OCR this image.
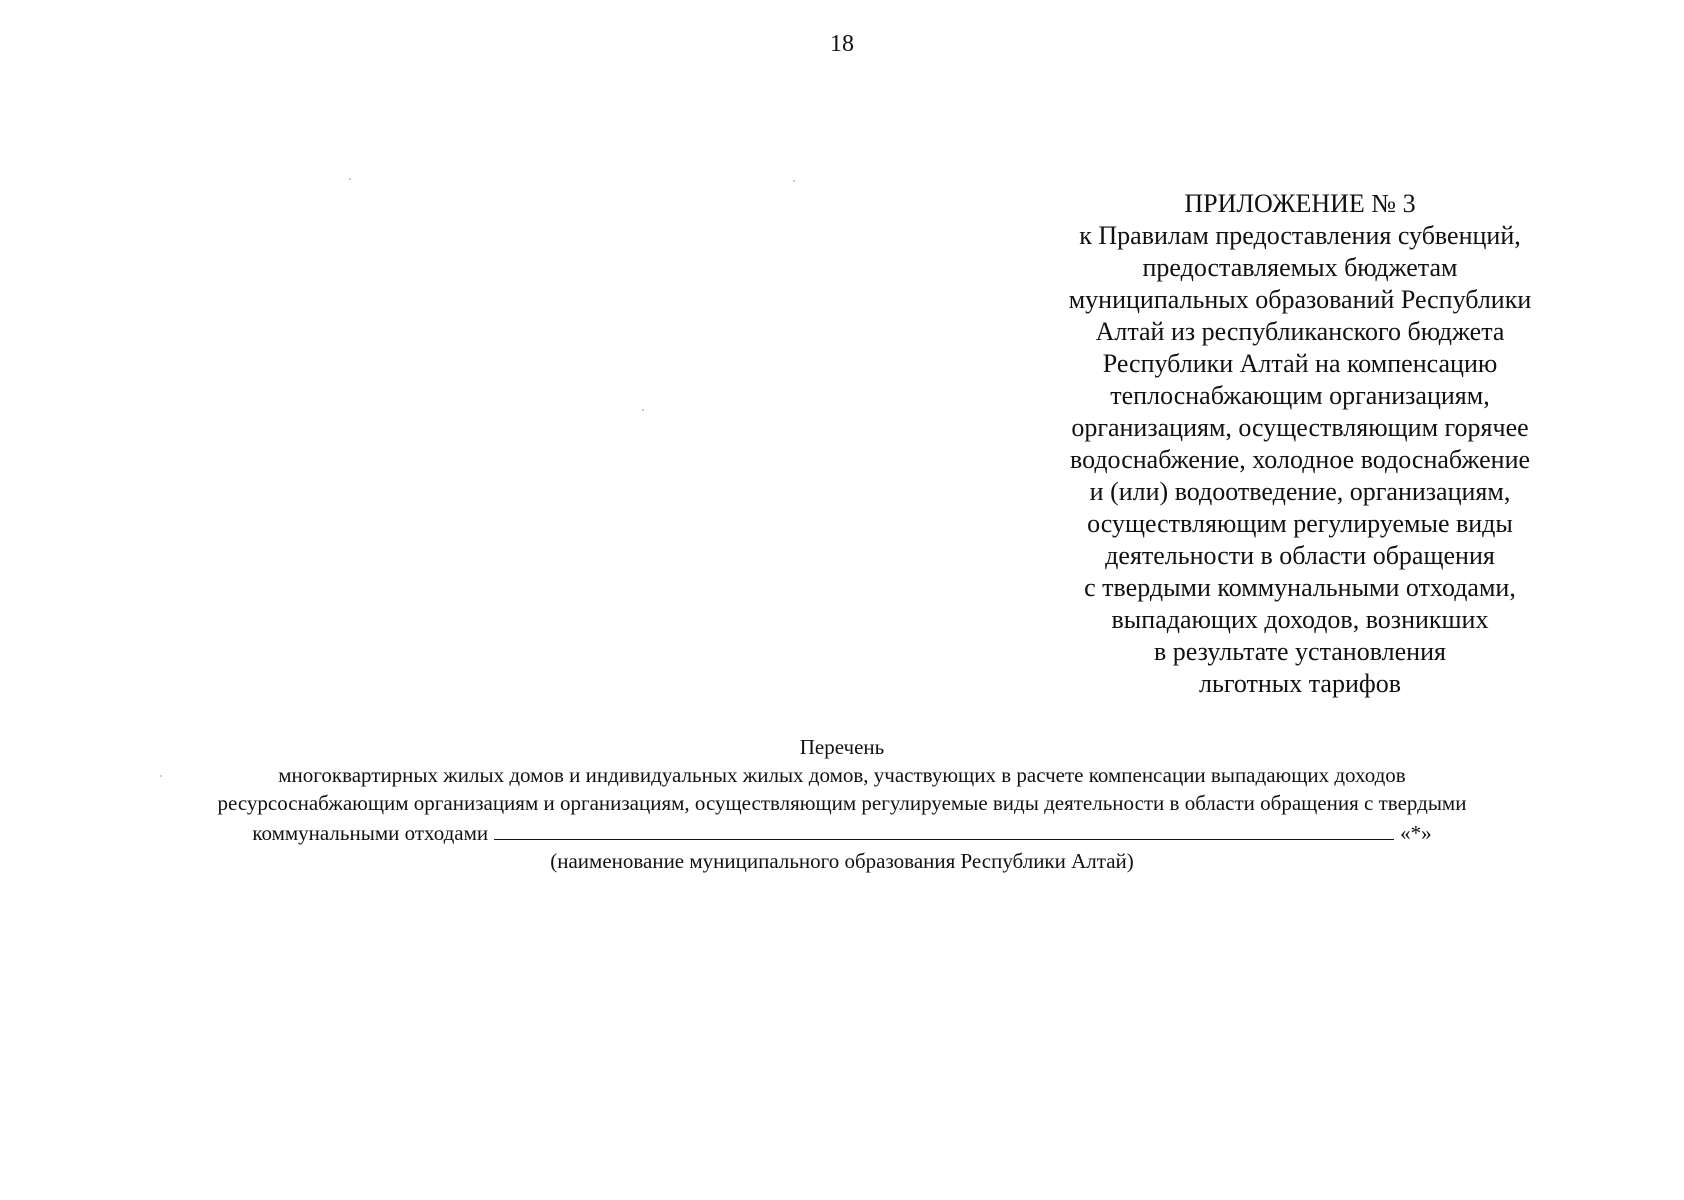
18
ПРИЛОЖЕНИЕ № 3
к Правилам предоставления субвенций,
предоставляемых бюджетам
муниципальных образований Республики
Алтай из республиканского бюджета
Республики Алтай на компенсацию
теплоснабжающим организациям,
организациям, осуществляющим горячее
водоснабжение, холодное водоснабжение
и (или) водоотведение, организациям,
осуществляющим регулируемые виды
деятельности в области обращения
с твердыми коммунальными отходами,
выпадающих доходов, возникших
в результате установления
льготных тарифов
Перечень
многоквартирных жилых домов и индивидуальных жилых домов, участвующих в расчете компенсации выпадающих доходов
ресурсоснабжающим организациям и организациям, осуществляющим регулируемые виды деятельности в области обращения с твердыми
коммунальными отходами	«*»
(наименование муниципального образования Республики Алтай)
